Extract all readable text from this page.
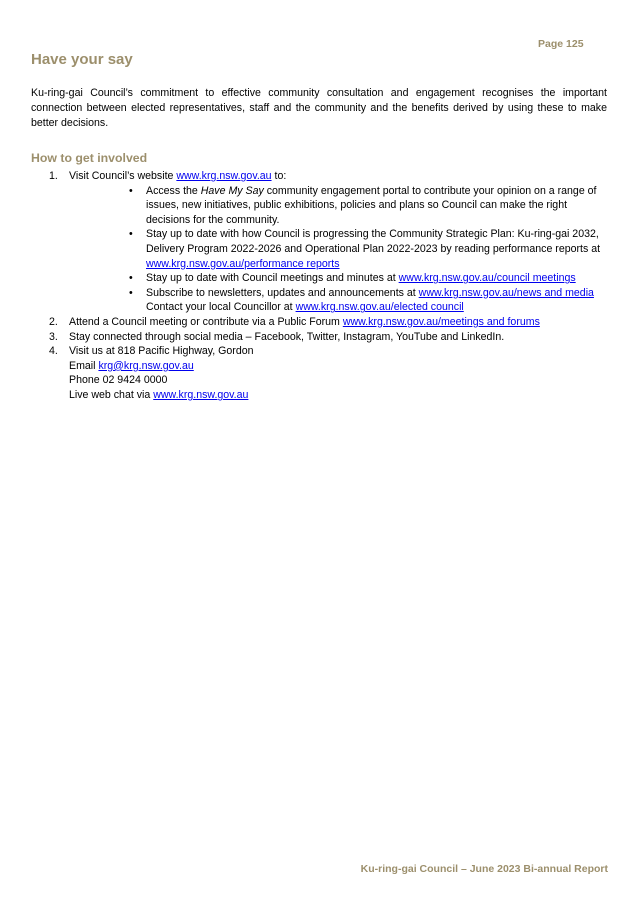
Page 125
Have your say

Ku-ring-gai Council’s commitment to effective community consultation and engagement recognises the important connection between elected representatives, staff and the community and the benefits derived by using these to make better decisions.

How to get involved
1. Visit Council’s website www.krg.nsw.gov.au to:
• Access the Have My Say community engagement portal to contribute your opinion on a range of issues, new initiatives, public exhibitions, policies and plans so Council can make the right decisions for the community.
• Stay up to date with how Council is progressing the Community Strategic Plan: Ku-ring-gai 2032, Delivery Program 2022-2026 and Operational Plan 2022-2023 by reading performance reports at www.krg.nsw.gov.au/performance reports
• Stay up to date with Council meetings and minutes at www.krg.nsw.gov.au/council meetings
• Subscribe to newsletters, updates and announcements at www.krg.nsw.gov.au/news and media
Contact your local Councillor at www.krg.nsw.gov.au/elected council
2. Attend a Council meeting or contribute via a Public Forum www.krg.nsw.gov.au/meetings and forums
3. Stay connected through social media – Facebook, Twitter, Instagram, YouTube and LinkedIn.
4. Visit us at 818 Pacific Highway, Gordon
Email krg@krg.nsw.gov.au
Phone 02 9424 0000
Live web chat via www.krg.nsw.gov.au
Ku-ring-gai Council – June 2023 Bi-annual Report
